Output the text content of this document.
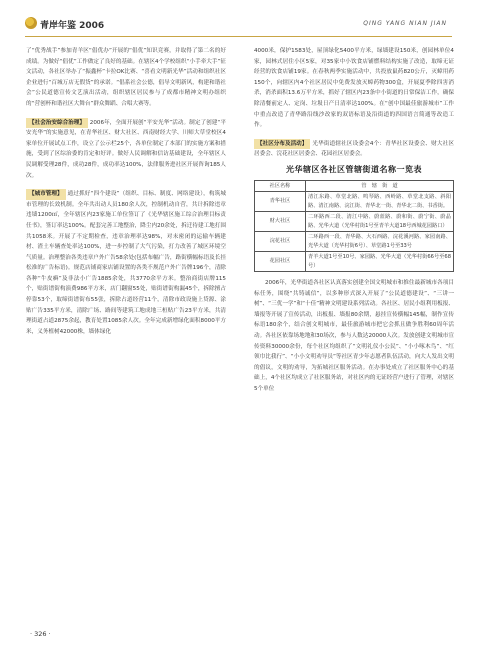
青岸年鉴 2006	QING YANG NIAN JIAN

了“优秀战手”参加青羊区“倡优办”开展的“倡优”知识竞赛，并取得了第二名的好成绩。为做好“倡优”工作做定了良好的基础。在辖区4个学校组织“小手牵大手”征文活动，各社区举办了“振鑫杯”卡拉OK比赛、“喜看文明新光华”活动和组织社区企业进行“百城万店无假货”的承诺。“倡系社会公德，倡导文明新风，构建和谐社会”公民道德宣传文艺演出活动，组织辖区居民参与了成都市精神文明办组织的“营创杯和谐社区大舞台”群众舞蹈、合唱大赛等。

【社会治安综合治理】 2006年，全面开展创“平安光华”活动。制定了创建“平安光华”的实施意见，在青华社区、财大社区、西南财经大学、川师大草堂校区4家单位开展试点工作，设立了公示栏25个，各单位制定了本部门的实施方案和措施，受到了区综治委的肯定和好评。做好人民调解和信访基础建设，全年辖区人民调解受理28件，成功28件，成功率达100%，法律服务进社区开展咨询185人次。
【城市管理】 通过抓好“四个建设”（组织、目标、制度、网络建设），构筑城市管理的长效机制。全年共出动人员180余人次，控制机动自营，共计拆除违章违墙1200㎡，全年辖区内23家施工单位签订了《光华辖区施工综合治理目标责任书》，签订率达100%。配套完善工地整治，降尘内20余处，拆迁待建工地打围共1058米。开展了不定期检查，违章治理率达98%，对未密闭的运输车辆建材、渣土车辆查处率达100%，进一步控制了大气污染，打力改善了城区环境空气质量。治理整治各类违章户外广告58余处(包括布幅广告，路街横幅标语及长挂松准的广告标语)。规范店铺商家店铺设置的各类不规范户外广告牌196个，清除各种“牛皮癣”及非法小广告1885余处，共3770余平方米。整治商街店牌115个，贴街谱街构演费986平方米，店门翻窗55处，贴街谱街构漏45个，拆除擅占停靠53个，取缔街谱街布55张，拆除占道经营11个，清除市政设施上贷源、涂贴广告335平方米，清除广场、路间等建筑工地成地三桓贴广告23平方米，共清理街道占道2875余起，教育处置1085余人次。全年完成新增绿化面积8000平方米，义务植树42000株，墙体绿化

4000米，保护1583处，屋顶绿化5400平方米，绿墙建设150米，创园林单位4家，园林式居住小区5家，对35家中小饮食店铺燃料结构实施了改造，取缔无证经营的饮食店铺19家。在春秋两季实施活动中，共投放鼠药820公斤，灭蟑用药150个，向辖区内4个社区居民中免费发放灭蟑药物300盒，开展夏季除四害消杀，消杀面积13.6万平方米，抓好了辖区内23条中小街道的日常保洁工作，确保除清餐前定人、定岗、垃圾日产日清率达100%。在“创中国最佳旅游城市”工作中重点改造了青华路沿线沙改家的双语标语及沿街道的四国语言简通等改造工作。

【社区分布及活动】 光华街道辖社区设委会4个：青华社区设委会、财大社区居委会、浣花社区居委会、花园社区居委会。
光华辖区各社区管辖街道名称一览表
社区名称	管　辖　街　道
青华社区	清江东路、草堂北路、鸣琴路、西岭路、草堂北支路、斜阳路、清江南路、浣江街、青华北一街、青华北二街、书香街。
财大社区	二环路西二段、清江中路、蔚蓝路、蔚和街、蔚宁街、蔚晶路、光华大道（光华村街1号至青羊大道18号西城花园路口）
浣花社区	二环路西一段、青华路、大石西路、浣花溪河路、家园南路、光华大道（光华村街6号）、草堂路1号至33号
花园社区	青羊大道1号至10号、家园路、光华大道（光华村街66号至68号）

2006年，光华街道各社区认真落实创建全国文明城市和推住最新城市各项目标任务，围绕“共铸诚信”，以多种形式深入开展了“公民道德建设”、“三讲一树”、“三优一学”和“十佳”精神文明建设系列活动。各社区、居民小组利用板报、墙报等开展了宣传活动，出板报、墙报80余期，悬挂宣传横幅145幅，制作宣传标语180余个，结合创文明城市，最佳旅游城市把它会抓且做争胜利60周年活动。各社区依靠场地地和30场次，参与人数达20000人次。发放创建文明城市宣传资料30000余份，每个社区均组织了“文明礼仪小公民”、“小小啄木鸟”、“红领巾比我行”、“小小文明劝导员”等社区青少年志愿者队伍活动，向大人发出文明的倡议，文明的劝导，为拓城社区服务活动。在办事处成立了社区服务中心的基础上，4个社区均成立了社区服务站，对社区内的无证经营户进行了管理，对辖区5个单位

· 326 ·
